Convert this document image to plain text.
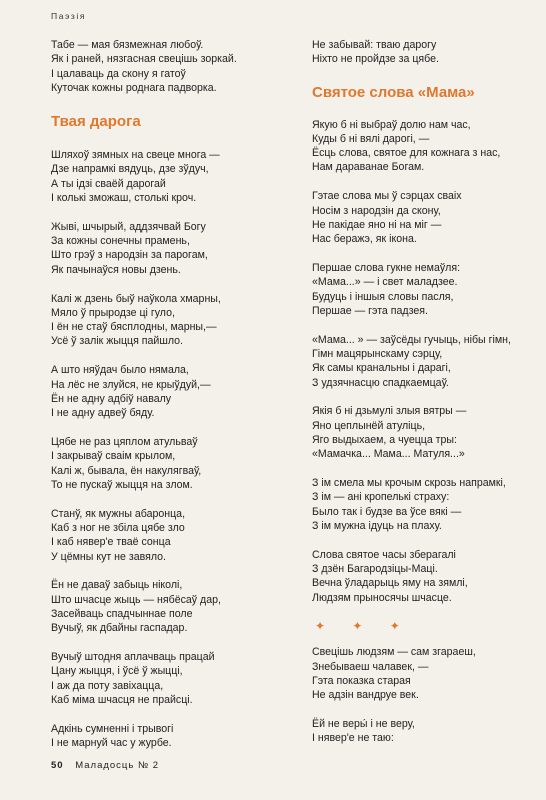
Паэзія
Табе — мая бязмежная любоў.
Як і раней, нязгасная свецішь зоркай.
І цалаваць да скону я гатоў
Куточак кожны роднага падворка.
Твая дарога
Шляхоў зямных на свеце многа —
Дзе напрамкі вядуць, дзе зўдуч,
А ты ідзі сваёй дарогай
І колькі зможаш, столькі кроч.
Жыві, шчырый, аддзячвай Богу
За кожны сонечны прамень,
Што грэў з народзін за парогам,
Як пачынаўся новы дзень.
Калі ж дзень быў наўкола хмарны,
Мяло ў прыродзе ці гуло,
І ён не стаў бясплодны, марны,—
Усё ў залік жыцця пайшло.
А што няўдач было нямала,
На лёс не злуйся, не крыўдуй,—
Ён не адну адбіў навалу
І не адну адвеў бяду.
Цябе не раз цяплом атульваў
І закрываў сваім крылом,
Калі ж, бывала, ён накулягваў,
То не пускаў жыцця на злом.
Станў, як мужны абаронца,
Каб з ног не збіла цябе зло
І каб нявер'е тваё сонца
У цёмны кут не завяло.
Ён не даваў забыць ніколі,
Што шчасце жыць — нябёсаў дар,
Засейваць спадчыннае поле
Вучыў, як дбайны гаспадар.
Вучыў штодня аплачваць працай
Цану жыцця, і ўсё ў жыцці,
І аж да поту завіхацца,
Каб міма шчасця не прайсці.
Адкінь сумненні і трывогі
І не марнуй час у журбе.
Не забывай: тваю дарогу
Ніхто не пройдзе за цябе.
Святое слова «Мама»
Якую б ні выбраў долю нам час,
Куды б ні вялі дарогі, —
Ёсць слова, святое для кожнага з нас,
Нам дараванае Богам.
Гэтае слова мы ў сэрцах сваіх
Носім з народзін да скону,
Не пакідае яно ні на міг —
Нас беражэ, як ікона.
Першае слова гукне немаўля:
«Мама...» — і свет маладзее.
Будуць і іншыя словы пасля,
Першае — гэта падзея.
«Мама... » — заўсёды гучыць, нібы гімн,
Гімн мацярынскаму сэрцу,
Як самы кранальны і дарагі,
З удзячнасцю спадкаемцаў.
Якія б ні дзьмулі злыя вятры —
Яно цеплынёй атуліць,
Яго выдыхаем, а чуецца тры:
«Мамачка... Мама... Матуля...»
З ім смела мы крочым скрозь напрамкі,
З ім — ані кропелькі страху:
Было так і будзе ва ўсе вякі —
З ім мужна ідуць на плаху.
Слова святое часы зберагалі
З дзён Багародзіцы-Маці.
Вечна ўладарыць яму на зямлі,
Людзям прыносячы шчасце.
✦ ✦ ✦
Свецішь людзям — сам згараеш,
Знебываеш чалавек, —
Гэта показка старая
Не адзін вандруе век.
Ёй не веры́ і не веру,
І нявер'е не таю:
50 Маладосць № 2
